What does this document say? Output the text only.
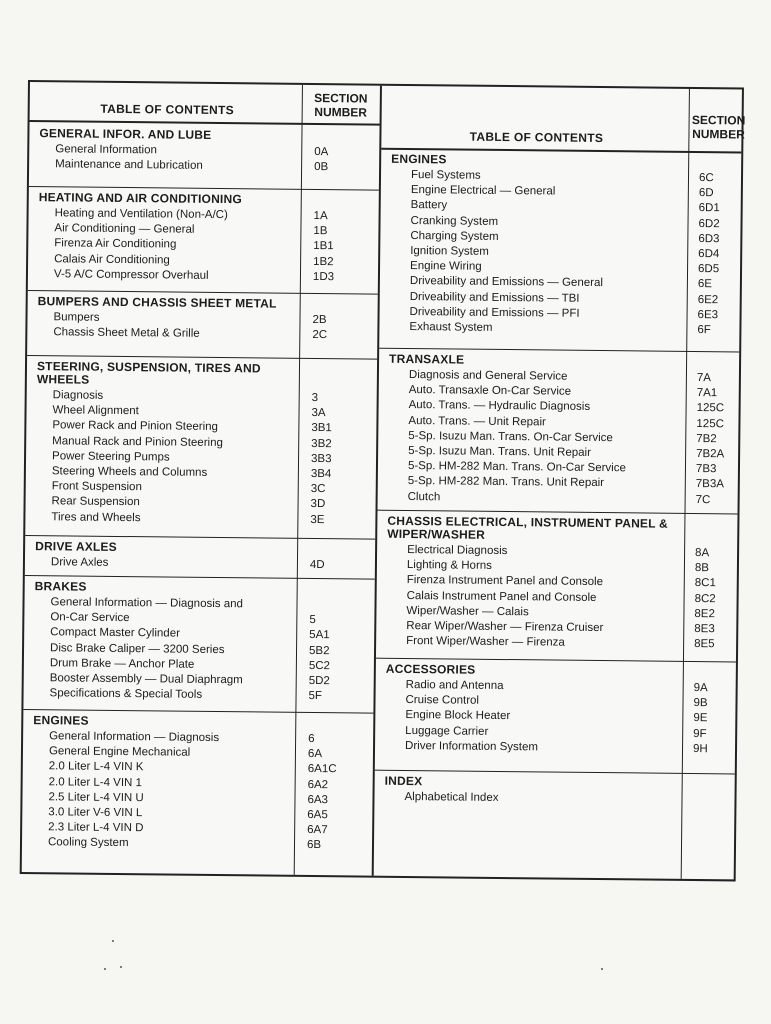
TABLE OF CONTENTS
SECTION
NUMBER
GENERAL INFOR. AND LUBE
General Information	0A
Maintenance and Lubrication	0B
HEATING AND AIR CONDITIONING
Heating and Ventilation (Non-A/C)	1A
Air Conditioning — General	1B
Firenza Air Conditioning	1B1
Calais Air Conditioning	1B2
V-5 A/C Compressor Overhaul	1D3
BUMPERS AND CHASSIS SHEET METAL
Bumpers	2B
Chassis Sheet Metal & Grille	2C
STEERING, SUSPENSION, TIRES AND WHEELS
Diagnosis	3
Wheel Alignment	3A
Power Rack and Pinion Steering	3B1
Manual Rack and Pinion Steering	3B2
Power Steering Pumps	3B3
Steering Wheels and Columns	3B4
Front Suspension	3C
Rear Suspension	3D
Tires and Wheels	3E
DRIVE AXLES
Drive Axles	4D
BRAKES
General Information — Diagnosis and
On-Car Service	5
Compact Master Cylinder	5A1
Disc Brake Caliper — 3200 Series	5B2
Drum Brake — Anchor Plate	5C2
Booster Assembly — Dual Diaphragm	5D2
Specifications & Special Tools	5F
ENGINES
General Information — Diagnosis	6
General Engine Mechanical	6A
2.0 Liter L-4 VIN K	6A1C
2.0 Liter L-4 VIN 1	6A2
2.5 Liter L-4 VIN U	6A3
3.0 Liter V-6 VIN L	6A5
2.3 Liter L-4 VIN D	6A7
Cooling System	6B
TABLE OF CONTENTS
SECTION
NUMBER
ENGINES
Fuel Systems	6C
Engine Electrical — General	6D
Battery	6D1
Cranking System	6D2
Charging System	6D3
Ignition System	6D4
Engine Wiring	6D5
Driveability and Emissions — General	6E
Driveability and Emissions — TBI	6E2
Driveability and Emissions — PFI	6E3
Exhaust System	6F
TRANSAXLE
Diagnosis and General Service	7A
Auto. Transaxle On-Car Service	7A1
Auto. Trans. — Hydraulic Diagnosis	125C
Auto. Trans. — Unit Repair	125C
5-Sp. Isuzu Man. Trans. On-Car Service	7B2
5-Sp. Isuzu Man. Trans. Unit Repair	7B2A
5-Sp. HM-282 Man. Trans. On-Car Service	7B3
5-Sp. HM-282 Man. Trans. Unit Repair	7B3A
Clutch	7C
CHASSIS ELECTRICAL, INSTRUMENT PANEL & WIPER/WASHER
Electrical Diagnosis	8A
Lighting & Horns	8B
Firenza Instrument Panel and Console	8C1
Calais Instrument Panel and Console	8C2
Wiper/Washer — Calais	8E2
Rear Wiper/Washer — Firenza Cruiser	8E3
Front Wiper/Washer — Firenza	8E5
ACCESSORIES
Radio and Antenna	9A
Cruise Control	9B
Engine Block Heater	9E
Luggage Carrier	9F
Driver Information System	9H
INDEX
Alphabetical Index
